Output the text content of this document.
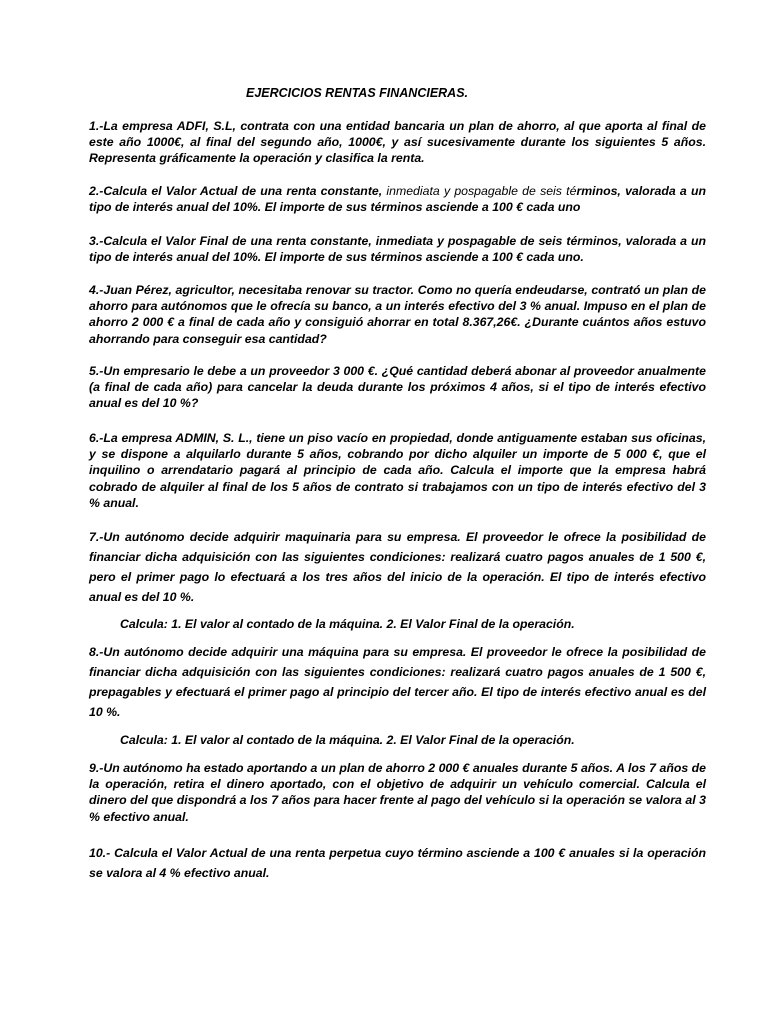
EJERCICIOS RENTAS FINANCIERAS.
1.-La empresa ADFI, S.L, contrata con una entidad bancaria un plan de ahorro, al que aporta al final de este año 1000€, al final del segundo año, 1000€, y así sucesivamente durante los siguientes 5 años. Representa gráficamente la operación y clasifica la renta.
2.-Calcula el Valor Actual de una renta constante, inmediata y pospagable de seis términos, valorada a un tipo de interés anual del 10%. El importe de sus términos asciende a 100 € cada uno
3.-Calcula el Valor Final de una renta constante, inmediata y pospagable de seis términos, valorada a un tipo de interés anual del 10%. El importe de sus términos asciende a 100 € cada uno.
4.-Juan Pérez, agricultor, necesitaba renovar su tractor. Como no quería endeudarse, contrató un plan de ahorro para autónomos que le ofrecía su banco, a un interés efectivo del 3 % anual. Impuso en el plan de ahorro 2 000 € a final de cada año y consiguió ahorrar en total 8.367,26€. ¿Durante cuántos años estuvo ahorrando para conseguir esa cantidad?
5.-Un empresario le debe a un proveedor 3 000 €. ¿Qué cantidad deberá abonar al proveedor anualmente (a final de cada año) para cancelar la deuda durante los próximos 4 años, si el tipo de interés efectivo anual es del 10 %?
6.-La empresa ADMIN, S. L., tiene un piso vacío en propiedad, donde antiguamente estaban sus oficinas, y se dispone a alquilarlo durante 5 años, cobrando por dicho alquiler un importe de 5 000 €, que el inquilino o arrendatario pagará al principio de cada año. Calcula el importe que la empresa habrá cobrado de alquiler al final de los 5 años de contrato si trabajamos con un tipo de interés efectivo del 3 % anual.
7.-Un autónomo decide adquirir maquinaria para su empresa. El proveedor le ofrece la posibilidad de financiar dicha adquisición con las siguientes condiciones: realizará cuatro pagos anuales de 1 500 €, pero el primer pago lo efectuará a los tres años del inicio de la operación. El tipo de interés efectivo anual es del 10 %.
Calcula: 1. El valor al contado de la máquina. 2. El Valor Final de la operación.
8.-Un autónomo decide adquirir una máquina para su empresa. El proveedor le ofrece la posibilidad de financiar dicha adquisición con las siguientes condiciones: realizará cuatro pagos anuales de 1 500 €, prepagables y efectuará el primer pago al principio del tercer año. El tipo de interés efectivo anual es del 10 %.
Calcula: 1. El valor al contado de la máquina. 2. El Valor Final de la operación.
9.-Un autónomo ha estado aportando a un plan de ahorro 2 000 € anuales durante 5 años. A los 7 años de la operación, retira el dinero aportado, con el objetivo de adquirir un vehículo comercial. Calcula el dinero del que dispondrá a los 7 años para hacer frente al pago del vehículo si la operación se valora al 3 % efectivo anual.
10.- Calcula el Valor Actual de una renta perpetua cuyo término asciende a 100 € anuales si la operación se valora al 4 % efectivo anual.
